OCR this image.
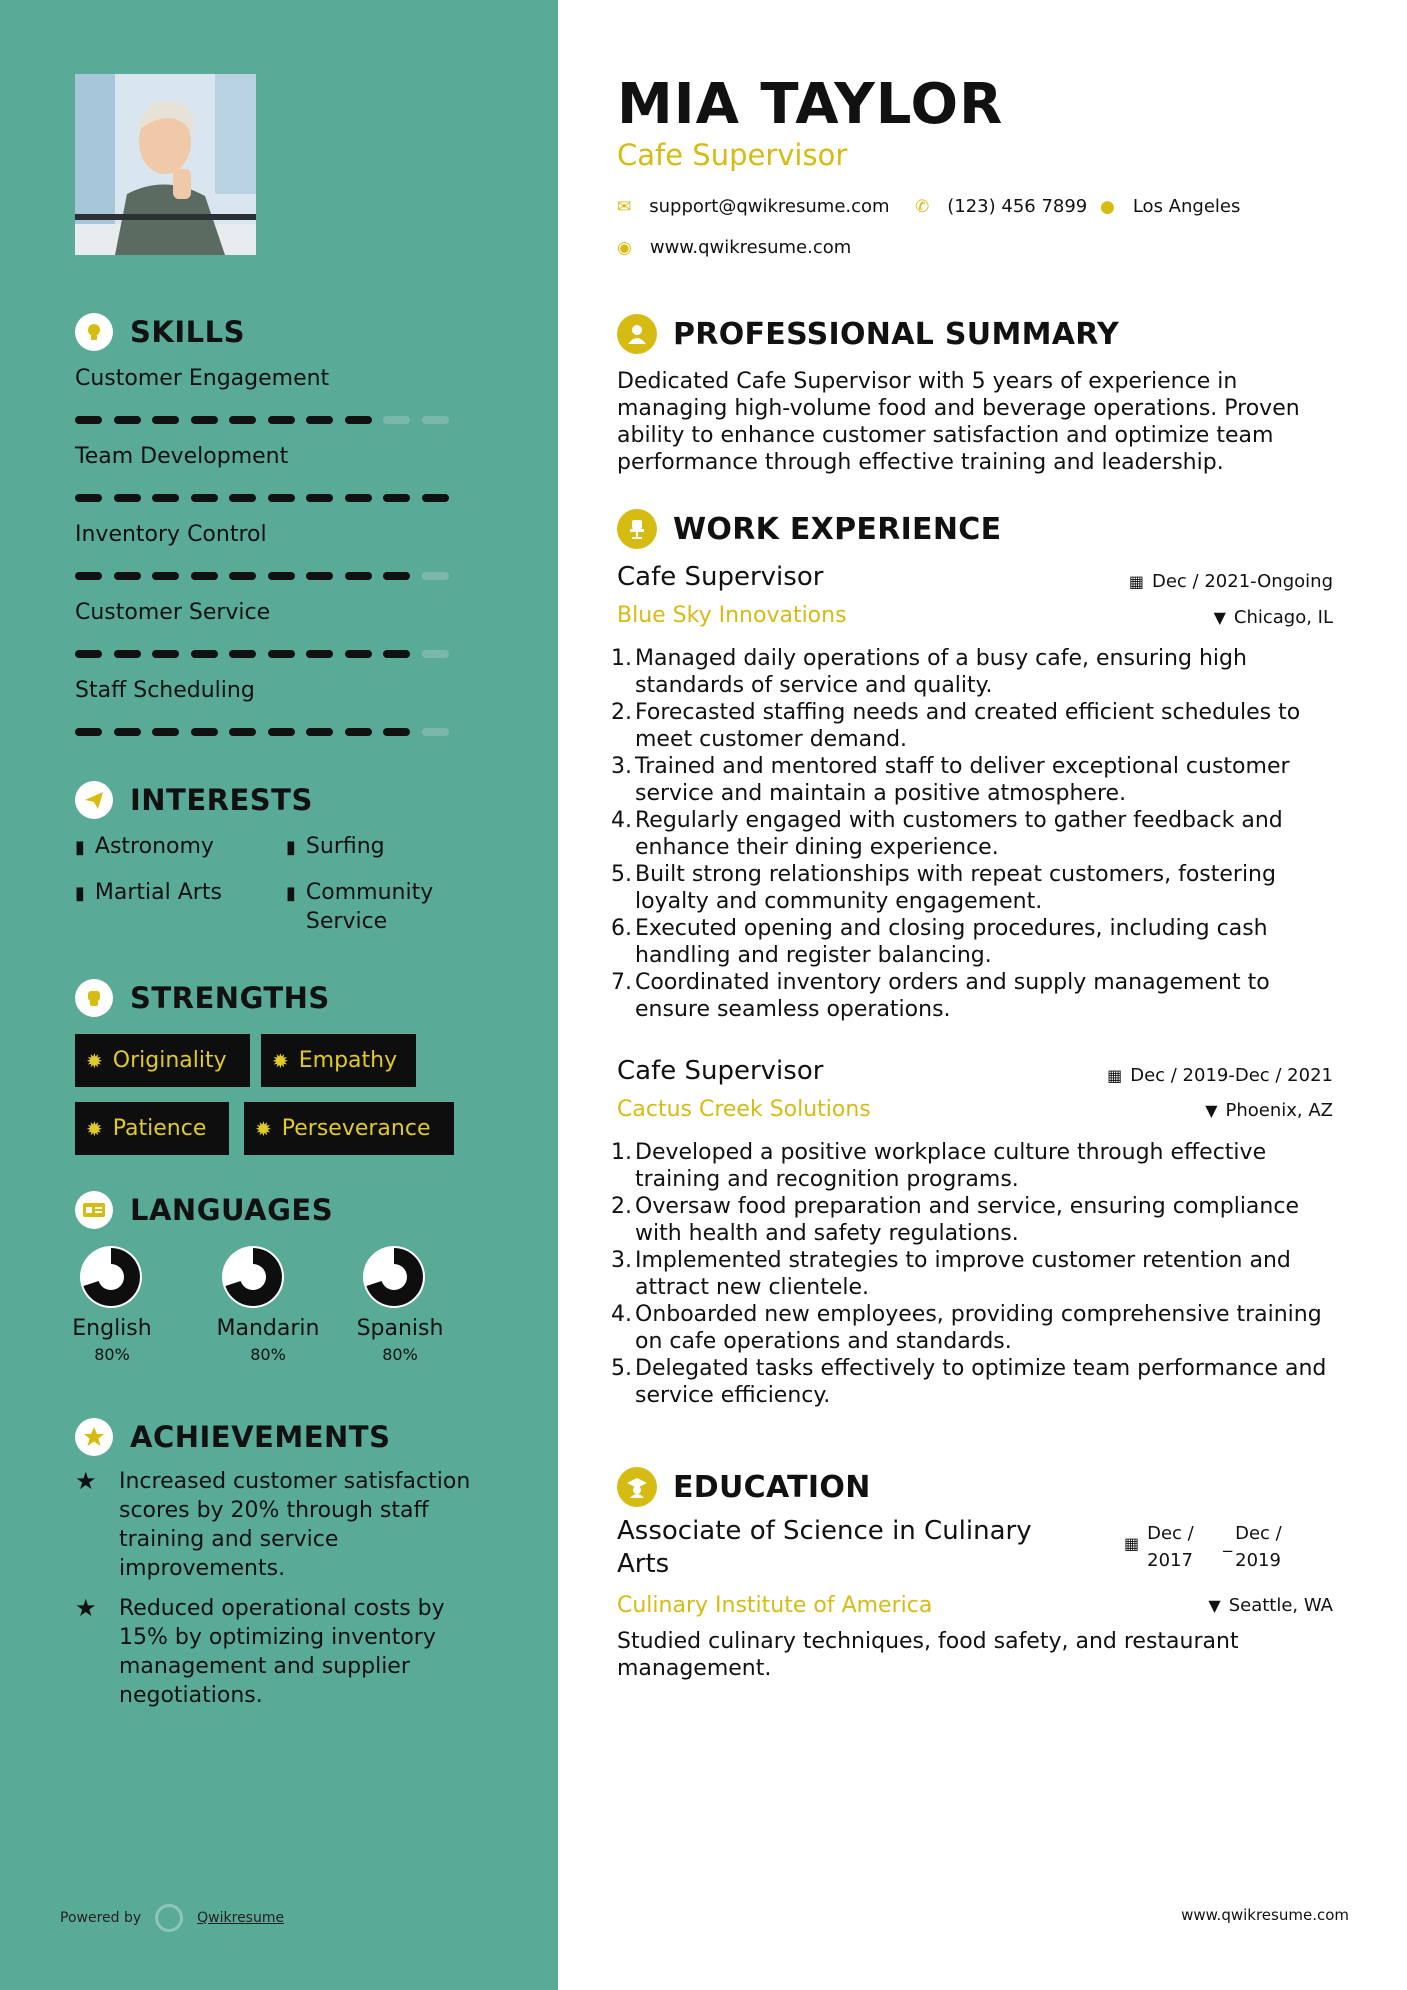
SKILLS
Customer Engagement
Team Development
Inventory Control
Customer Service
Staff Scheduling
INTERESTS
▮ Astronomy	▮ Surfing
▮ Martial Arts	▮ Community Service
STRENGTHS
✹ Originality ✹ Empathy
✹ Patience ✹ Perseverance
LANGUAGES
English
80%
Mandarin
80%
Spanish
80%
ACHIEVEMENTS
★	Increased customer satisfaction scores by 20% through staff training and service improvements.
★	Reduced operational costs by 15% by optimizing inventory management and supplier negotiations.
Powered by	Qwikresume
MIA TAYLOR
Cafe Supervisor
✉ support@qwikresume.com ✆ (123) 456 7899 ● Los Angeles
◉ www.qwikresume.com
PROFESSIONAL SUMMARY
Dedicated Cafe Supervisor with 5 years of experience in managing high-volume food and beverage operations. Proven ability to enhance customer satisfaction and optimize team performance through effective training and leadership.
WORK EXPERIENCE
Cafe Supervisor	▦ Dec / 2021-Ongoing
Blue Sky Innovations	▼ Chicago, IL
1. Managed daily operations of a busy cafe, ensuring high standards of service and quality.
2. Forecasted staffing needs and created efficient schedules to meet customer demand.
3. Trained and mentored staff to deliver exceptional customer service and maintain a positive atmosphere.
4. Regularly engaged with customers to gather feedback and enhance their dining experience.
5. Built strong relationships with repeat customers, fostering loyalty and community engagement.
6. Executed opening and closing procedures, including cash handling and register balancing.
7. Coordinated inventory orders and supply management to ensure seamless operations.
Cafe Supervisor	▦ Dec / 2019-Dec / 2021
Cactus Creek Solutions	▼ Phoenix, AZ
1. Developed a positive workplace culture through effective training and recognition programs.
2. Oversaw food preparation and service, ensuring compliance with health and safety regulations.
3. Implemented strategies to improve customer retention and attract new clientele.
4. Onboarded new employees, providing comprehensive training on cafe operations and standards.
5. Delegated tasks effectively to optimize team performance and service efficiency.
EDUCATION
Associate of Science in Culinary Arts
▦ Dec / 2017
_ Dec / 2019
Culinary Institute of America	▼ Seattle, WA
Studied culinary techniques, food safety, and restaurant management.
www.qwikresume.com
